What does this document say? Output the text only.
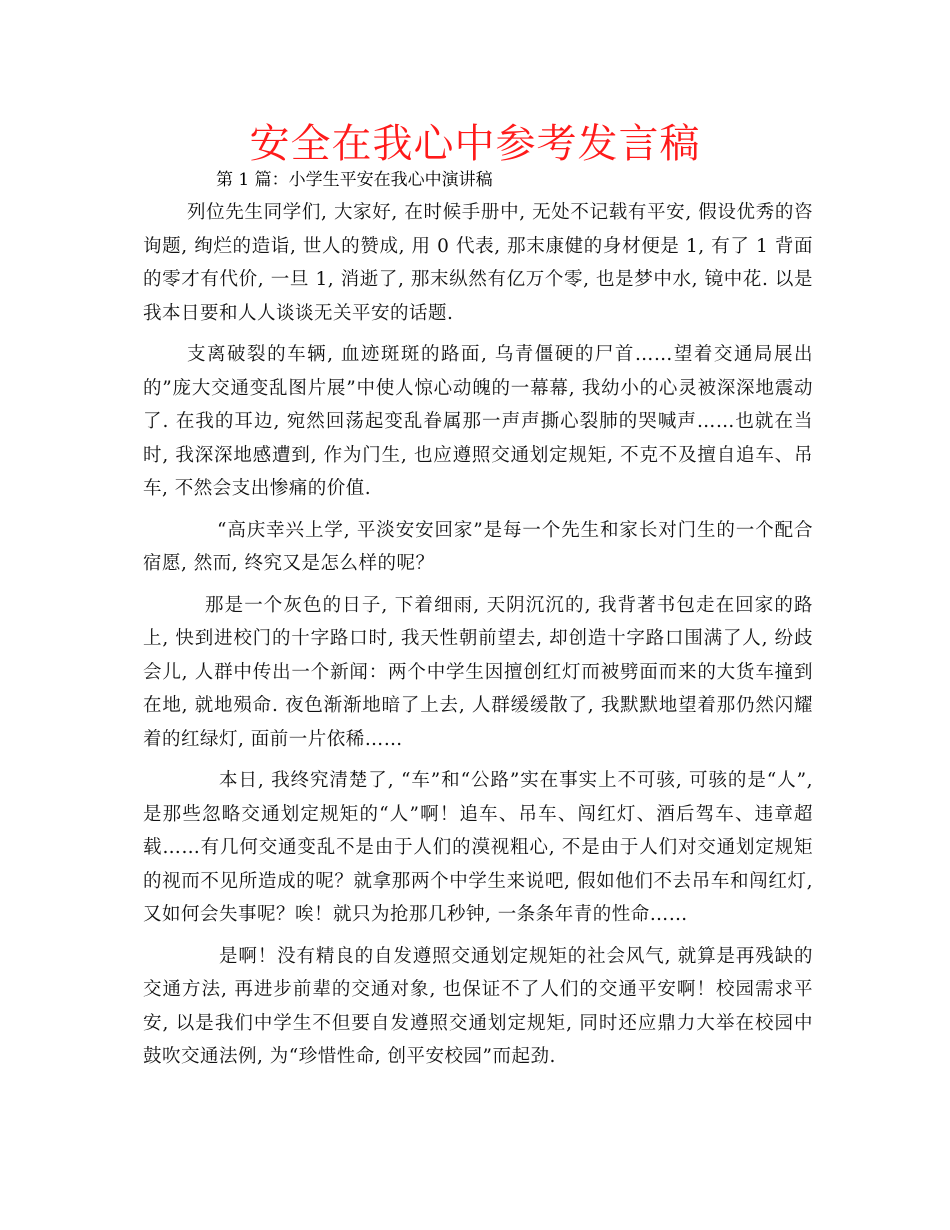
安全在我心中参考发言稿

第 1 篇：小学生平安在我心中演讲稿

列位先生同学们, 大家好, 在时候手册中, 无处不记载有平安, 假设优秀的咨询题, 绚烂的造诣, 世人的赞成, 用 0 代表, 那末康健的身材便是 1, 有了 1 背面的零才有代价, 一旦 1, 消逝了, 那末纵然有亿万个零, 也是梦中水, 镜中花. 以是我本日要和人人谈谈无关平安的话题.

支离破裂的车辆, 血迹斑斑的路面, 乌青僵硬的尸首……望着交通局展出的”庞大交通变乱图片展”中使人惊心动魄的一幕幕, 我幼小的心灵被深深地震动了. 在我的耳边, 宛然回荡起变乱眷属那一声声撕心裂肺的哭喊声……也就在当时, 我深深地感遭到, 作为门生, 也应遵照交通划定规矩, 不克不及擅自追车、吊车, 不然会支出惨痛的价值.

“高庆幸兴上学, 平淡安安回家”是每一个先生和家长对门生的一个配合宿愿, 然而, 终究又是怎么样的呢？

那是一个灰色的日子, 下着细雨, 天阴沉沉的, 我背著书包走在回家的路上, 快到进校门的十字路口时, 我天性朝前望去, 却创造十字路口围满了人, 纷歧会儿, 人群中传出一个新闻：两个中学生因擅创红灯而被劈面而来的大货车撞到在地, 就地殒命. 夜色渐渐地暗了上去, 人群缓缓散了, 我默默地望着那仍然闪耀着的红绿灯, 面前一片依稀……

本日, 我终究清楚了, “车”和“公路”实在事实上不可骇, 可骇的是“人”, 是那些忽略交通划定规矩的“人”啊！追车、吊车、闯红灯、酒后驾车、违章超载……有几何交通变乱不是由于人们的漠视粗心, 不是由于人们对交通划定规矩的视而不见所造成的呢？就拿那两个中学生来说吧, 假如他们不去吊车和闯红灯, 又如何会失事呢？唉！就只为抢那几秒钟, 一条条年青的性命……

是啊！没有精良的自发遵照交通划定规矩的社会风气, 就算是再残缺的交通方法, 再进步前辈的交通对象, 也保证不了人们的交通平安啊！校园需求平安, 以是我们中学生不但要自发遵照交通划定规矩, 同时还应鼎力大举在校园中鼓吹交通法例, 为“珍惜性命, 创平安校园”而起劲.
